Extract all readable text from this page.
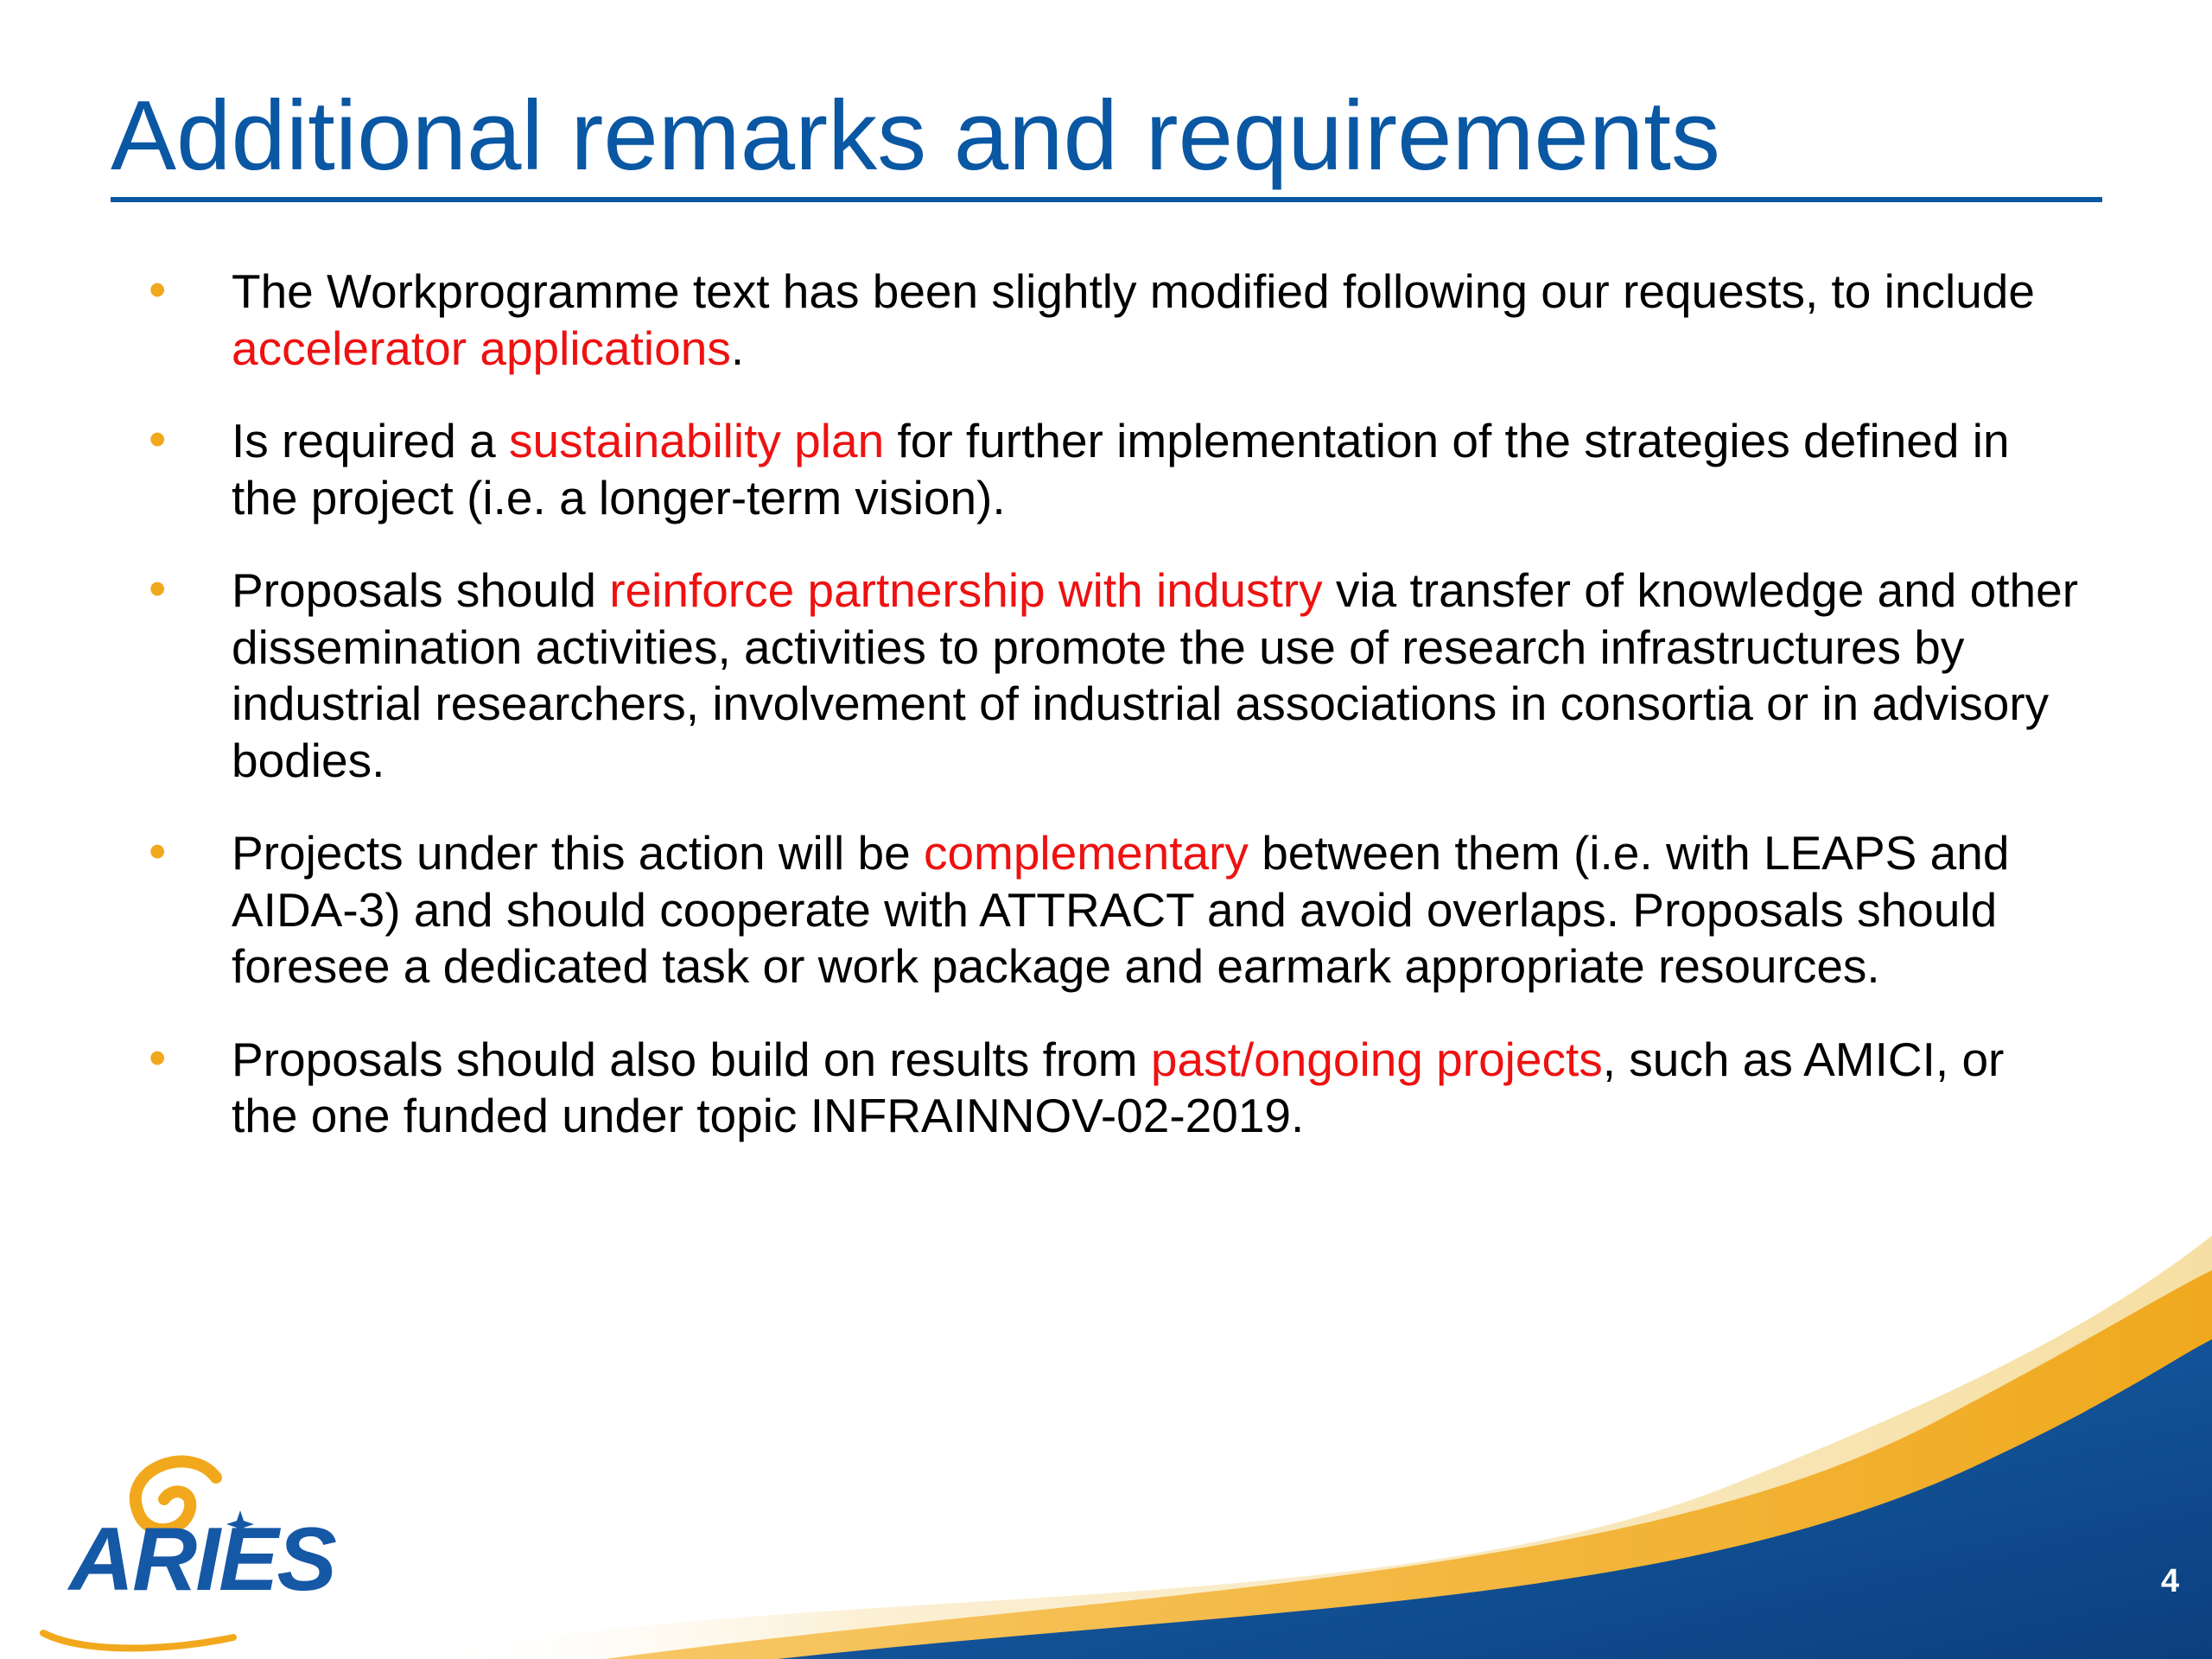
Additional remarks and requirements
• The Workprogramme text has been slightly modified following our requests, to include accelerator applications.
• Is required a sustainability plan for further implementation of the strategies defined in the project (i.e. a longer-term vision).
• Proposals should reinforce partnership with industry via transfer of knowledge and other dissemination activities, activities to promote the use of research infrastructures by industrial researchers, involvement of industrial associations in consortia or in advisory bodies.
• Projects under this action will be complementary between them (i.e. with LEAPS and AIDA-3) and should cooperate with ATTRACT and avoid overlaps. Proposals should foresee a dedicated task or work package and earmark appropriate resources.
• Proposals should also build on results from past/ongoing projects, such as AMICI, or the one funded under topic INFRAINNOV-02-2019.
ARIES	4
